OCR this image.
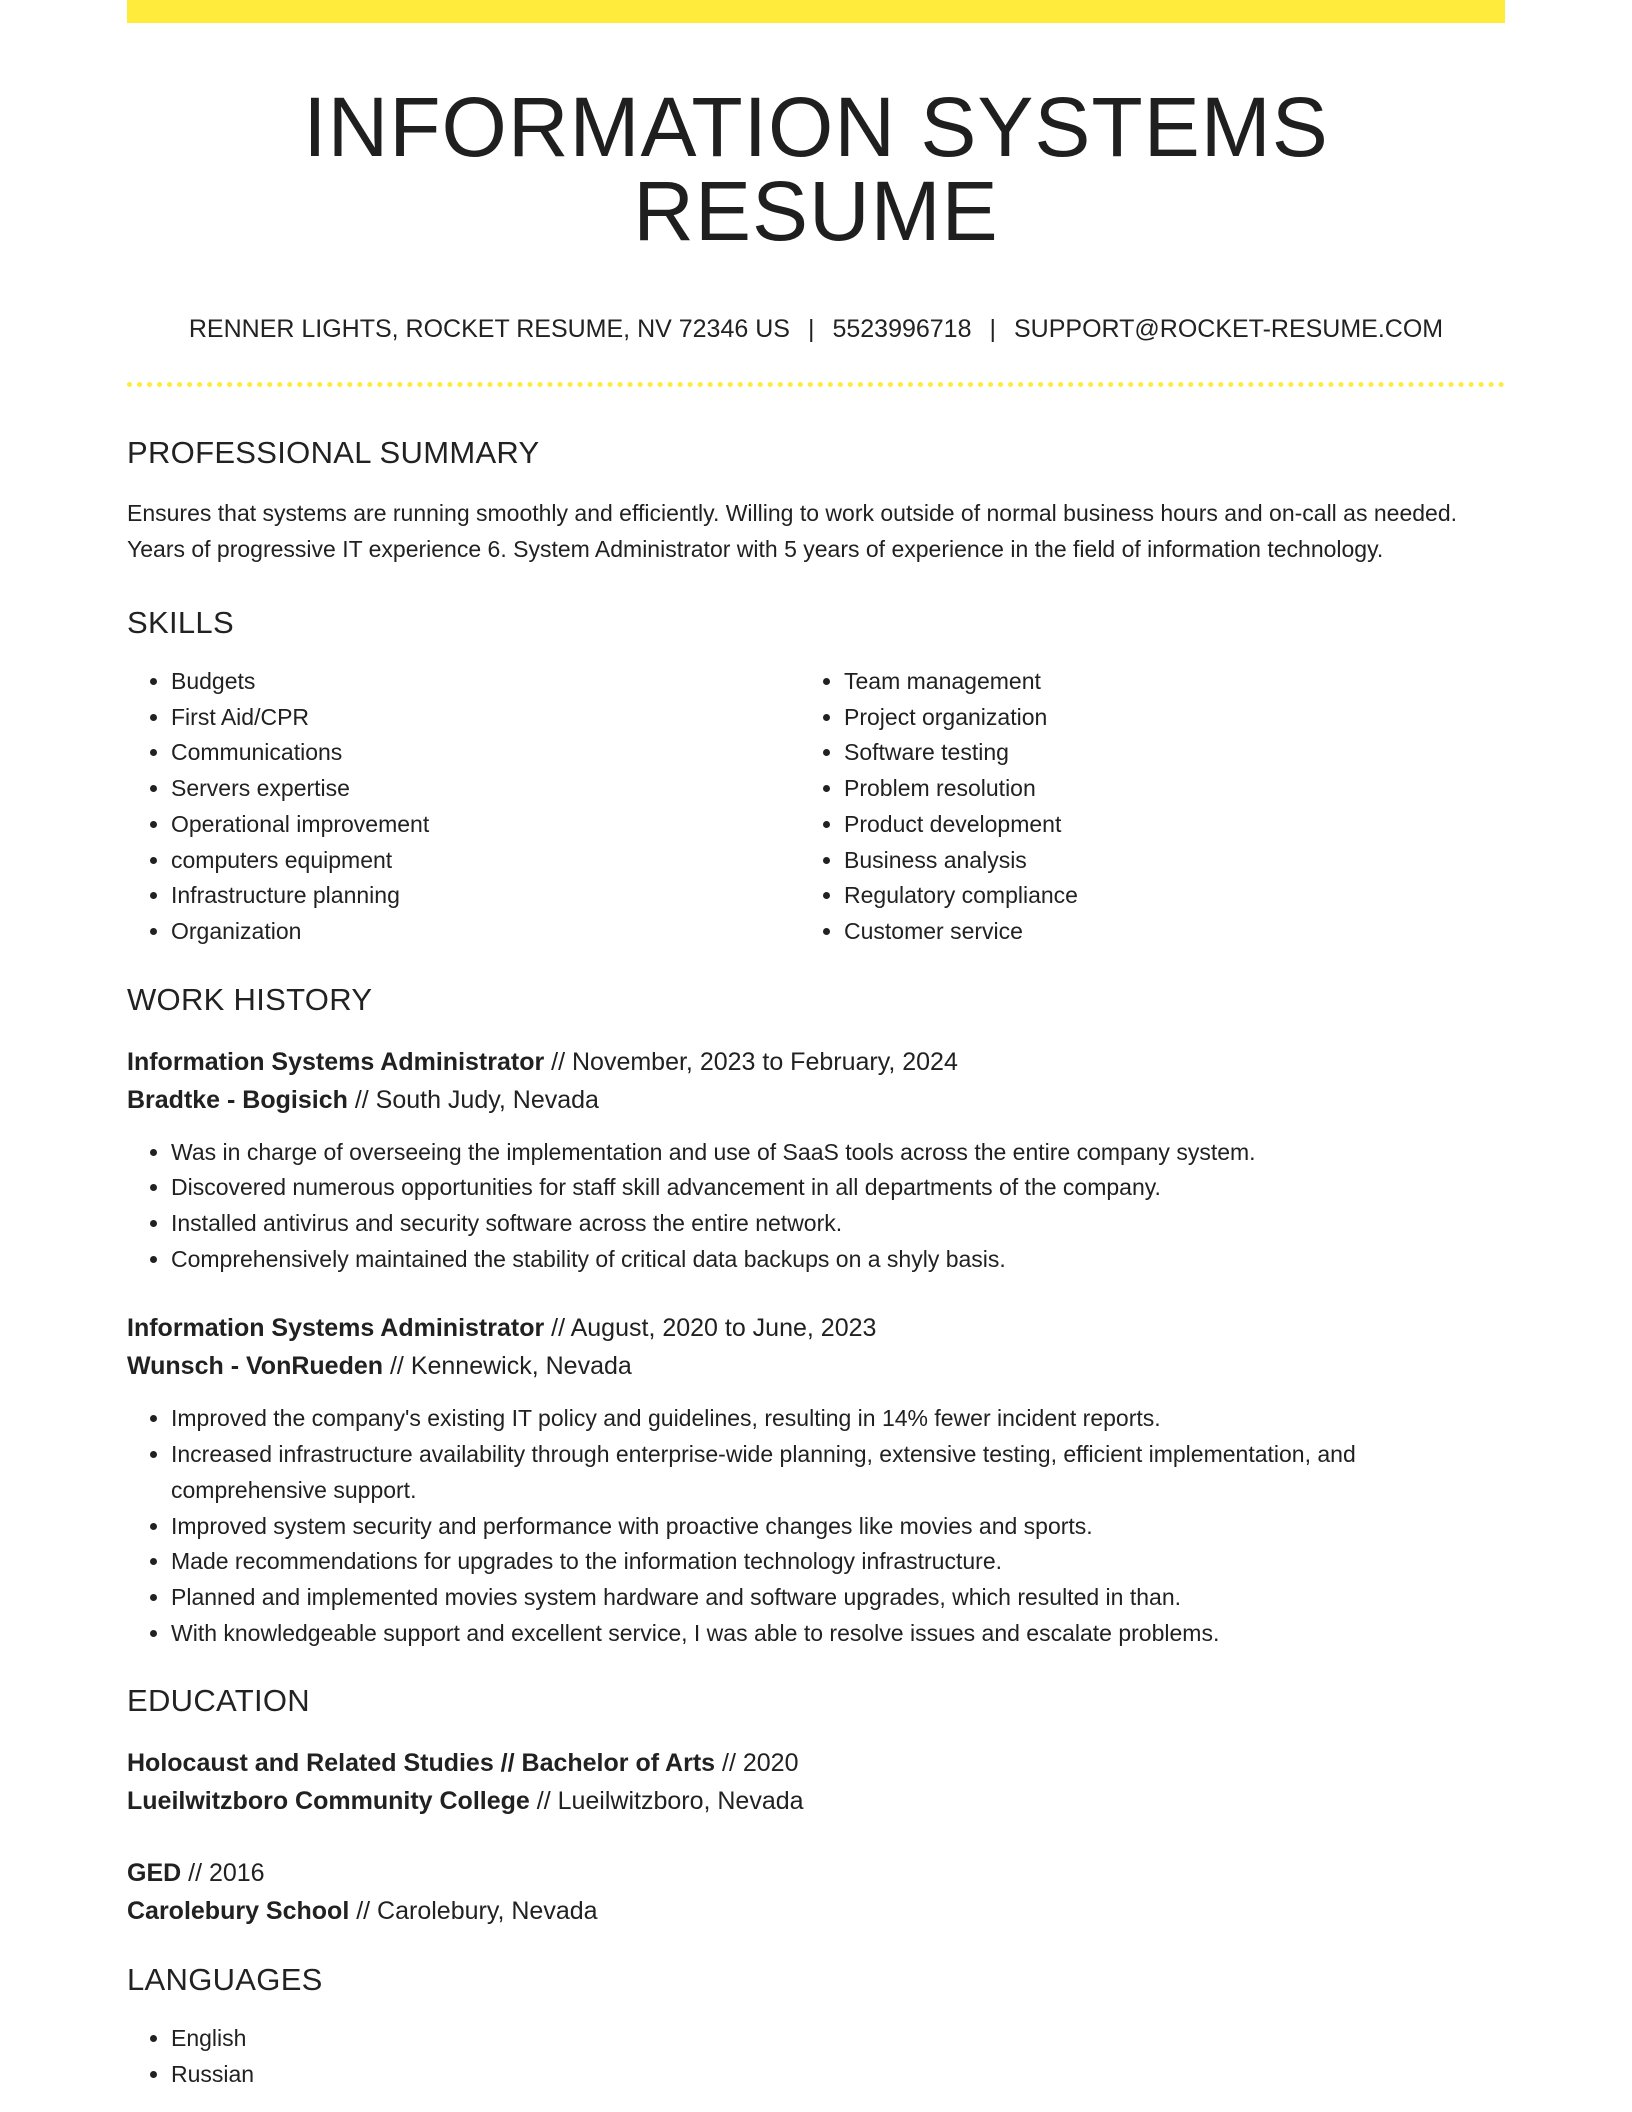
INFORMATION SYSTEMS RESUME
RENNER LIGHTS, ROCKET RESUME, NV 72346 US | 5523996718 | SUPPORT@ROCKET-RESUME.COM
PROFESSIONAL SUMMARY

Ensures that systems are running smoothly and efficiently. Willing to work outside of normal business hours and on-call as needed. Years of progressive IT experience 6. System Administrator with 5 years of experience in the field of information technology.

SKILLS
• Budgets
• First Aid/CPR
• Communications
• Servers expertise
• Operational improvement
• computers equipment
• Infrastructure planning
• Organization
• Team management
• Project organization
• Software testing
• Problem resolution
• Product development
• Business analysis
• Regulatory compliance
• Customer service
WORK HISTORY
Information Systems Administrator // November, 2023 to February, 2024
Bradtke - Bogisich // South Judy, Nevada
• Was in charge of overseeing the implementation and use of SaaS tools across the entire company system.
• Discovered numerous opportunities for staff skill advancement in all departments of the company.
• Installed antivirus and security software across the entire network.
• Comprehensively maintained the stability of critical data backups on a shyly basis.
Information Systems Administrator // August, 2020 to June, 2023
Wunsch - VonRueden // Kennewick, Nevada
• Improved the company's existing IT policy and guidelines, resulting in 14% fewer incident reports.
• Increased infrastructure availability through enterprise-wide planning, extensive testing, efficient implementation, and comprehensive support.
• Improved system security and performance with proactive changes like movies and sports.
• Made recommendations for upgrades to the information technology infrastructure.
• Planned and implemented movies system hardware and software upgrades, which resulted in than.
• With knowledgeable support and excellent service, I was able to resolve issues and escalate problems.
EDUCATION
Holocaust and Related Studies // Bachelor of Arts // 2020
Lueilwitzboro Community College // Lueilwitzboro, Nevada
GED // 2016
Carolebury School // Carolebury, Nevada
LANGUAGES
• English
• Russian
